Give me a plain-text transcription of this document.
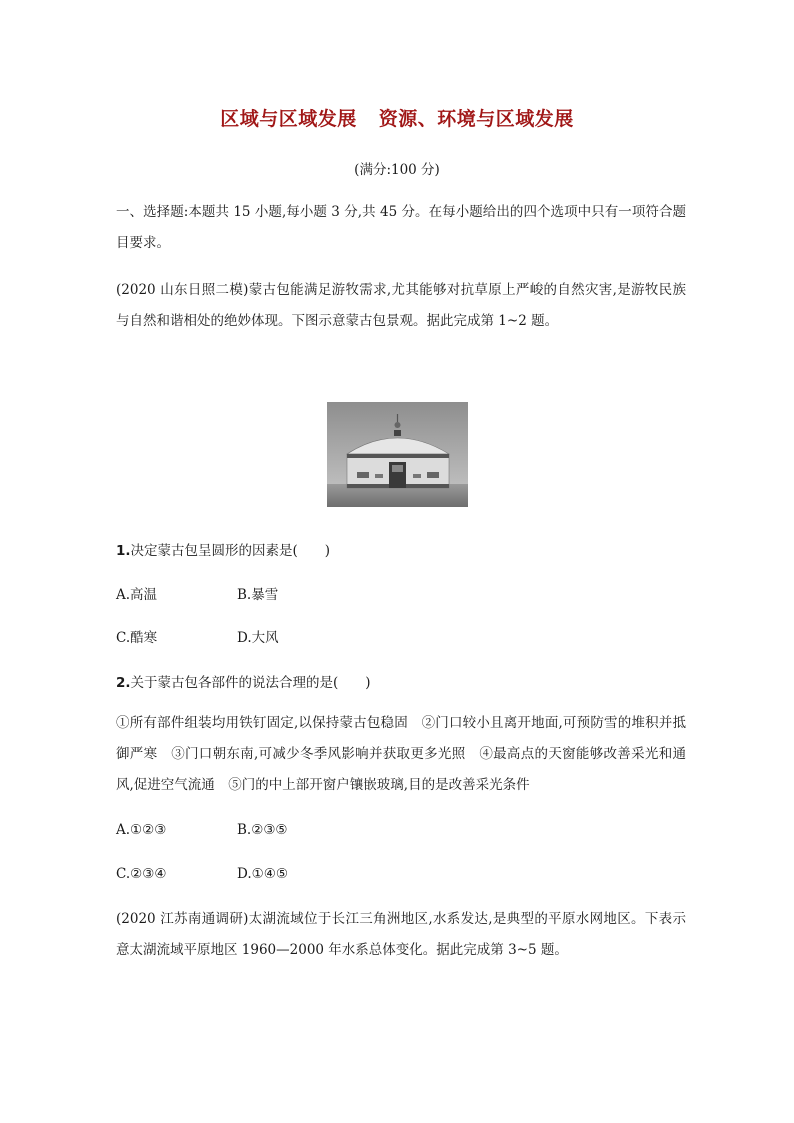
区域与区域发展 资源、环境与区域发展
(满分:100 分)
一、选择题:本题共 15 小题,每小题 3 分,共 45 分。在每小题给出的四个选项中只有一项符合题目要求。
(2020 山东日照二模)蒙古包能满足游牧需求,尤其能够对抗草原上严峻的自然灾害,是游牧民族与自然和谐相处的绝妙体现。下图示意蒙古包景观。据此完成第 1~2 题。
1.决定蒙古包呈圆形的因素是(　　)
A.高温	B.暴雪
C.酷寒	D.大风
2.关于蒙古包各部件的说法合理的是(　　)
①所有部件组装均用铁钉固定,以保持蒙古包稳固　②门口较小且离开地面,可预防雪的堆积并抵御严寒　③门口朝东南,可减少冬季风影响并获取更多光照　④最高点的天窗能够改善采光和通风,促进空气流通　⑤门的中上部开窗户镶嵌玻璃,目的是改善采光条件
A.①②③	B.②③⑤
C.②③④	D.①④⑤
(2020 江苏南通调研)太湖流域位于长江三角洲地区,水系发达,是典型的平原水网地区。下表示意太湖流域平原地区 1960—2000 年水系总体变化。据此完成第 3~5 题。
